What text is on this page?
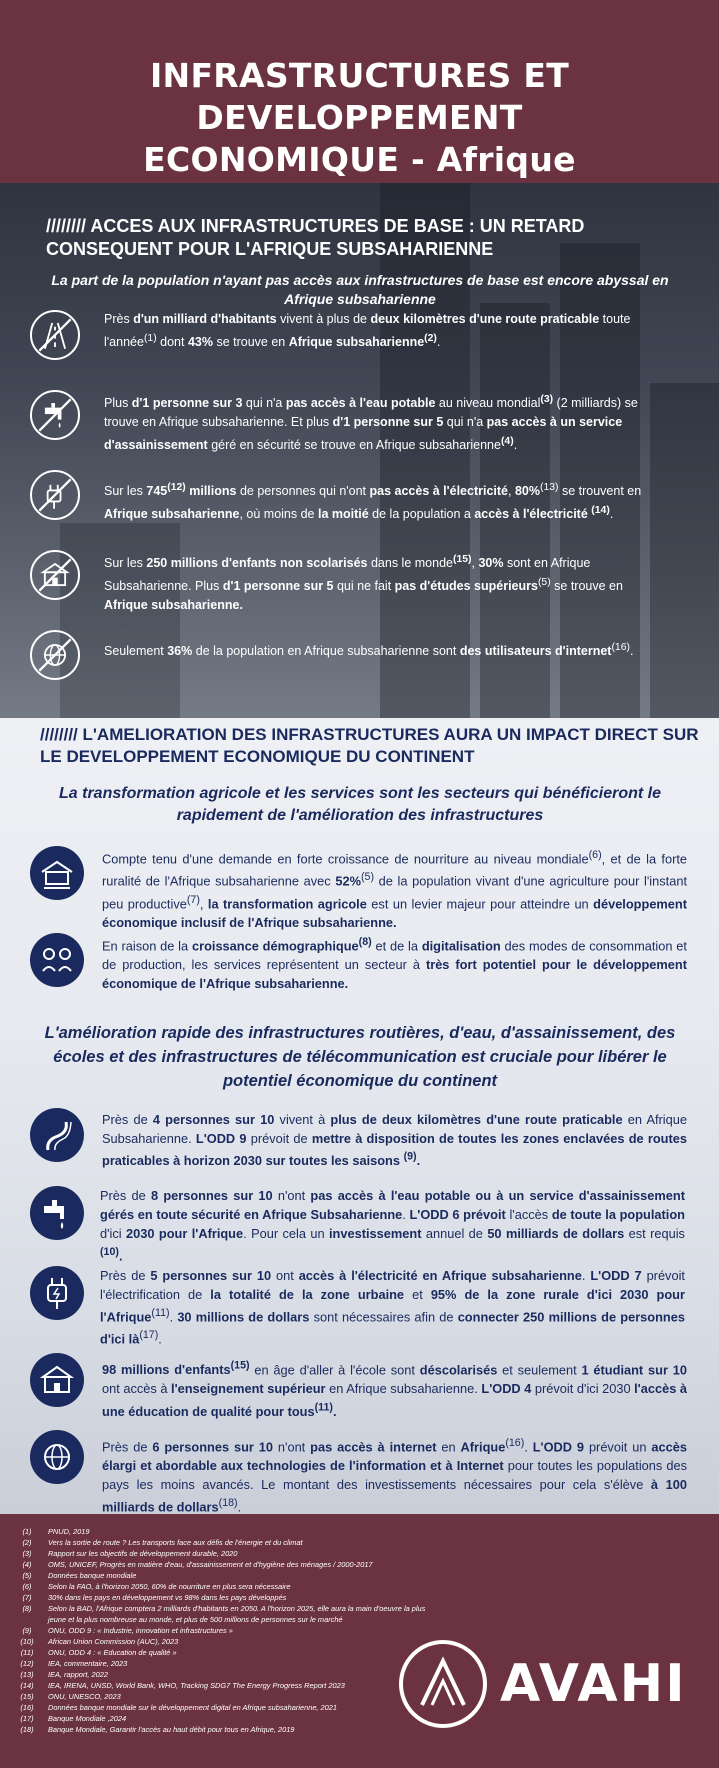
INFRASTRUCTURES ET DEVELOPPEMENT
ECONOMIQUE - Afrique
//////// ACCES AUX INFRASTRUCTURES DE BASE : UN RETARD CONSEQUENT POUR L'AFRIQUE SUBSAHARIENNE

La part de la population n'ayant pas accès aux infrastructures de base est encore abyssal en Afrique subsaharienne

Près d'un milliard d'habitants vivent à plus de deux kilomètres d'une route praticable toute l'année$^{(1)}$ dont 43% se trouve en Afrique subsaharienne$^{(2)}$.
Plus d'1 personne sur 3 qui n'a pas accès à l'eau potable au niveau mondial$^{(3)}$ (2 milliards) se trouve en Afrique subsaharienne. Et plus d'1 personne sur 5 qui n'a pas accès à un service d'assainissement géré en sécurité se trouve en Afrique subsaharienne$^{(4)}$.
Sur les 745$^{(12)}$ millions de personnes qui n'ont pas accès à l'électricité, 80%$^{(13)}$ se trouvent en Afrique subsaharienne, où moins de la moitié de la population a accès à l'électricité $^{(14)}$.
Sur les 250 millions d'enfants non scolarisés dans le monde$^{(15)}$, 30% sont en Afrique Subsaharienne. Plus d'1 personne sur 5 qui ne fait pas d'études supérieurs$^{(5)}$ se trouve en Afrique subsaharienne.
Seulement 36% de la population en Afrique subsaharienne sont des utilisateurs d'internet$^{(16)}$.
//////// L'AMELIORATION DES INFRASTRUCTURES AURA UN IMPACT DIRECT SUR LE DEVELOPPEMENT ECONOMIQUE DU CONTINENT

La transformation agricole et les services sont les secteurs qui bénéficieront le rapidement de l'amélioration des infrastructures

Compte tenu d'une demande en forte croissance de nourriture au niveau mondiale$^{(6)}$, et de la forte ruralité de l'Afrique subsaharienne avec 52%$^{(5)}$ de la population vivant d'une agriculture pour l'instant peu productive$^{(7)}$, la transformation agricole est un levier majeur pour atteindre un développement économique inclusif de l'Afrique subsaharienne.
En raison de la croissance démographique$^{(8)}$ et de la digitalisation des modes de consommation et de production, les services représentent un secteur à très fort potentiel pour le développement économique de l'Afrique subsaharienne.

L'amélioration rapide des infrastructures routières, d'eau, d'assainissement, des écoles et des infrastructures de télécommunication est cruciale pour libérer le potentiel économique du continent

Près de 4 personnes sur 10 vivent à plus de deux kilomètres d'une route praticable en Afrique Subsaharienne. L'ODD 9 prévoit de mettre à disposition de toutes les zones enclavées de routes praticables à horizon 2030 sur toutes les saisons $^{(9)}$.
Près de 8 personnes sur 10 n'ont pas accès à l'eau potable ou à un service d'assainissement gérés en toute sécurité en Afrique Subsaharienne. L'ODD 6 prévoit l'accès de toute la population d'ici 2030 pour l'Afrique. Pour cela un investissement annuel de 50 milliards de dollars est requis $^{(10)}$.
Près de 5 personnes sur 10 ont accès à l'électricité en Afrique subsaharienne. L'ODD 7 prévoit l'électrification de la totalité de la zone urbaine et 95% de la zone rurale d'ici 2030 pour l'Afrique$^{(11)}$. 30 millions de dollars sont nécessaires afin de connecter 250 millions de personnes d'ici $là^{(17)}$.
98 millions d'enfants$^{(15)}$ en âge d'aller à l'école sont déscolarisés et seulement 1 étudiant sur 10 ont accès à l'enseignement supérieur en Afrique subsaharienne. L'ODD 4 prévoit d'ici 2030 l'accès à une éducation de qualité pour tous$^{(11)}$.
Près de 6 personnes sur 10 n'ont pas accès à internet en Afrique$^{(16)}$. L'ODD 9 prévoit un accès élargi et abordable aux technologies de l'information et à Internet pour toutes les populations des pays les moins avancés. Le montant des investissements nécessaires pour cela s'élève à 100 milliards de dollars$^{(18)}$.
(1)	PNUD, 2019
(2)	Vers la sortie de route ? Les transports face aux défis de l'énergie et du climat
(3)	Rapport sur les objectifs de développement durable, 2020
(4)	OMS, UNICEF, Progrès en matière d'eau, d'assainissement et d'hygiène des ménages / 2000-2017
(5)	Données banque mondiale
(6)	Selon la FAO, à l'horizon 2050, 60% de nourriture en plus sera nécessaire
(7)	30% dans les pays en développement vs 98% dans les pays développés
(8)	Selon la BAD, l'Afrique comptera 2 milliards d'habitants en 2050. A l'horizon 2025, elle aura la main d'oeuvre la plus
jeune et la plus nombreuse au monde, et plus de 500 millions de personnes sur le marché
(9)	ONU, ODD 9 : « Industrie, innovation et infrastructures »
(10)	African Union Commission (AUC), 2023
(11)	ONU, ODD 4 : « Education de qualité »
(12)	IEA, commentaire, 2023
(13)	IEA, rapport, 2022
(14)	IEA, IRENA, UNSD, World Bank, WHO, Tracking SDG7 The Energy Progress Report 2023
(15)	ONU, UNESCO, 2023
(16)	Données banque mondiale sur le développement digital en Afrique subsaharienne, 2021
(17)	Banque Mondiale ,2024
(18)	Banque Mondiale, Garantir l'accès au haut débit pour tous en Afrique, 2019
AVAHI
